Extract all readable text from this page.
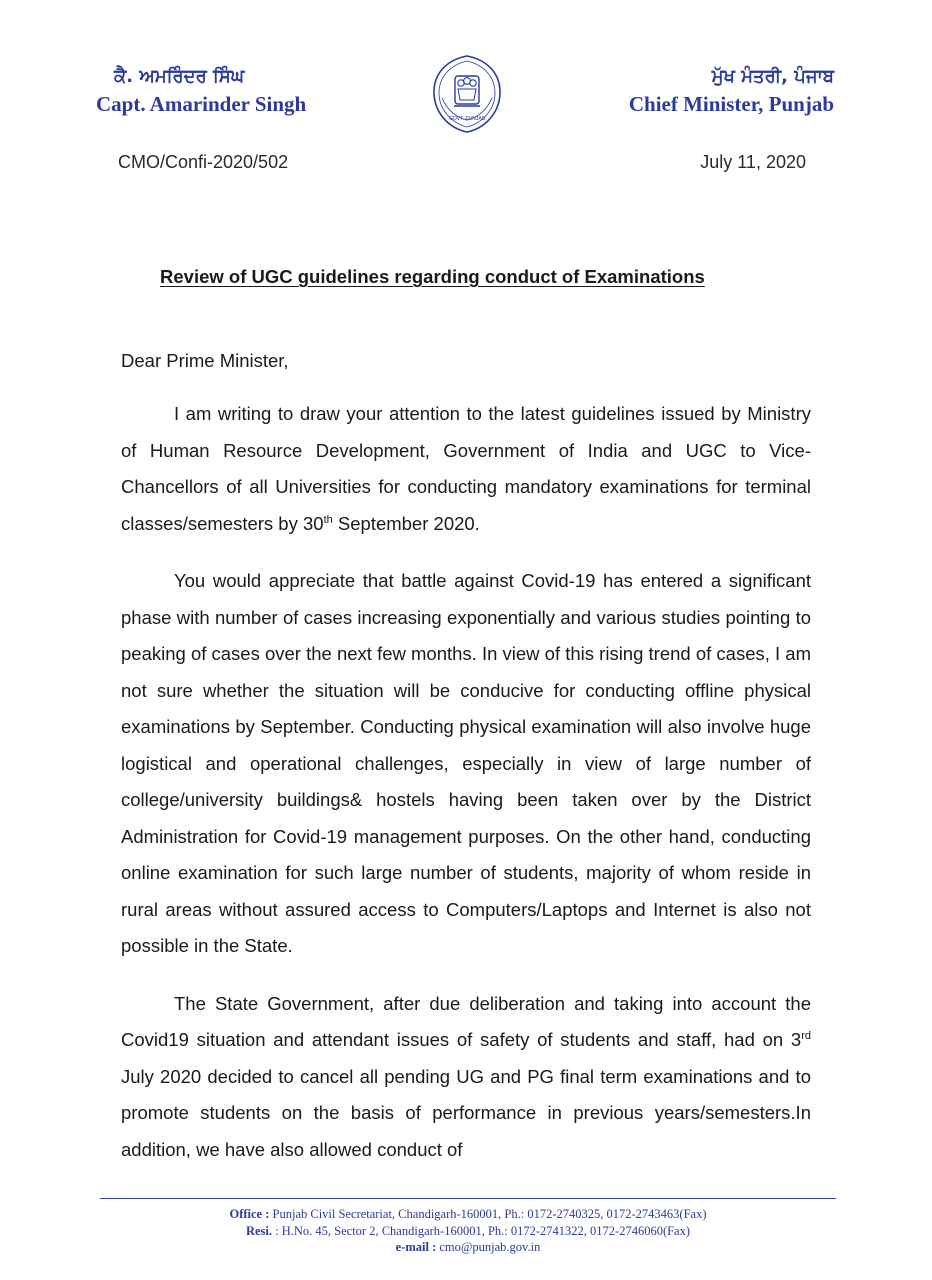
ਕੈ. ਅਮਰਿੰਦਰ ਸਿੰਘ
Capt. Amarinder Singh
GOVT. PUNJAB
ਮੁੱਖ ਮੰਤਰੀ, ਪੰਜਾਬ
Chief Minister, Punjab
CMO/Confi-2020/502	July 11, 2020
Review of UGC guidelines regarding conduct of Examinations
Dear Prime Minister,

I am writing to draw your attention to the latest guidelines issued by Ministry of Human Resource Development, Government of India and UGC to Vice-Chancellors of all Universities for conducting mandatory examinations for terminal classes/semesters by 30th September 2020.

You would appreciate that battle against Covid-19 has entered a significant phase with number of cases increasing exponentially and various studies pointing to peaking of cases over the next few months. In view of this rising trend of cases, I am not sure whether the situation will be conducive for conducting offline physical examinations by September. Conducting physical examination will also involve huge logistical and operational challenges, especially in view of large number of college/university buildings& hostels having been taken over by the District Administration for Covid-19 management purposes. On the other hand, conducting online examination for such large number of students, majority of whom reside in rural areas without assured access to Computers/Laptops and Internet is also not possible in the State.

The State Government, after due deliberation and taking into account the Covid19 situation and attendant issues of safety of students and staff, had on 3rd July 2020 decided to cancel all pending UG and PG final term examinations and to promote students on the basis of performance in previous years/semesters.In addition, we have also allowed conduct of

Office : Punjab Civil Secretariat, Chandigarh-160001, Ph.: 0172-2740325, 0172-2743463(Fax)
Resi. : H.No. 45, Sector 2, Chandigarh-160001, Ph.: 0172-2741322, 0172-2746060(Fax)
e-mail : cmo@punjab.gov.in
